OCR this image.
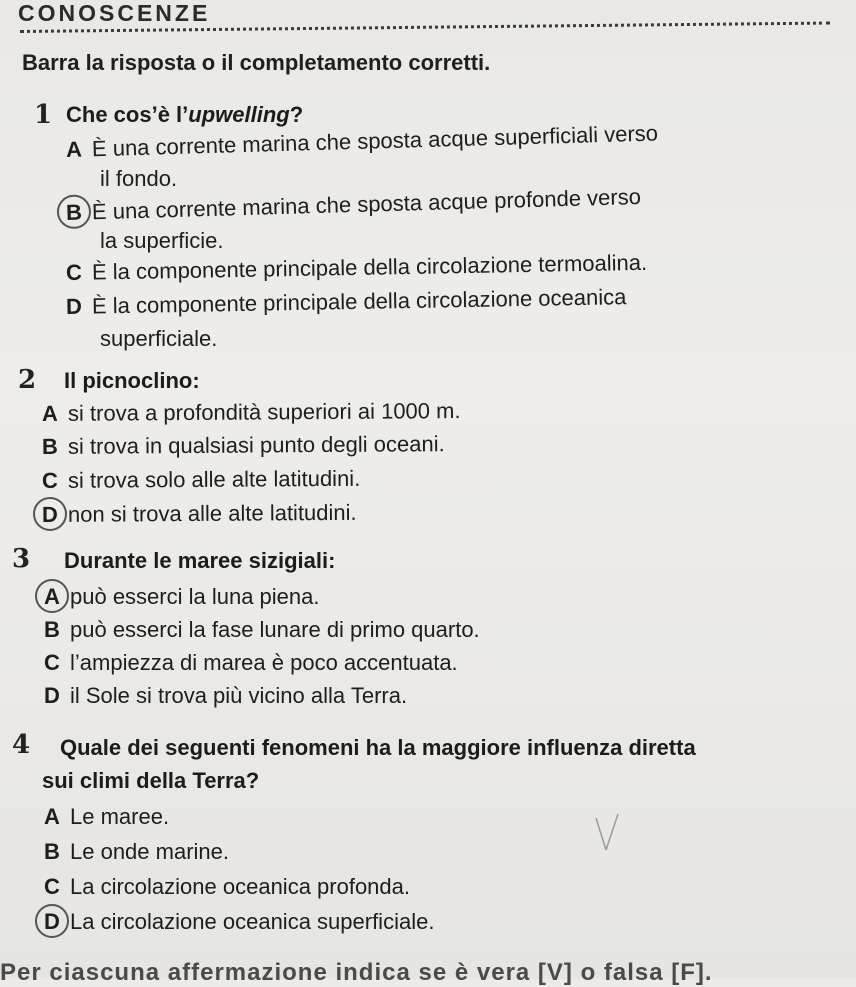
CONOSCENZE
Barra la risposta o il completamento corretti.
1 Che cos’è l’upwelling?
A È una corrente marina che sposta acque superficiali verso
il fondo.
B È una corrente marina che sposta acque profonde verso
la superficie.
C È la componente principale della circolazione termoalina.
D È la componente principale della circolazione oceanica
superficiale.
2 Il picnoclino:
A si trova a profondità superiori ai 1000 m.
B si trova in qualsiasi punto degli oceani.
C si trova solo alle alte latitudini.
D non si trova alle alte latitudini.
3 Durante le maree sizigiali:
A può esserci la luna piena.
B può esserci la fase lunare di primo quarto.
C l’ampiezza di marea è poco accentuata.
D il Sole si trova più vicino alla Terra.
4 Quale dei seguenti fenomeni ha la maggiore influenza diretta
sui climi della Terra?
A Le maree.
B Le onde marine.
C La circolazione oceanica profonda.
D La circolazione oceanica superficiale.
Per ciascuna affermazione indica se è vera [V] o falsa [F].
